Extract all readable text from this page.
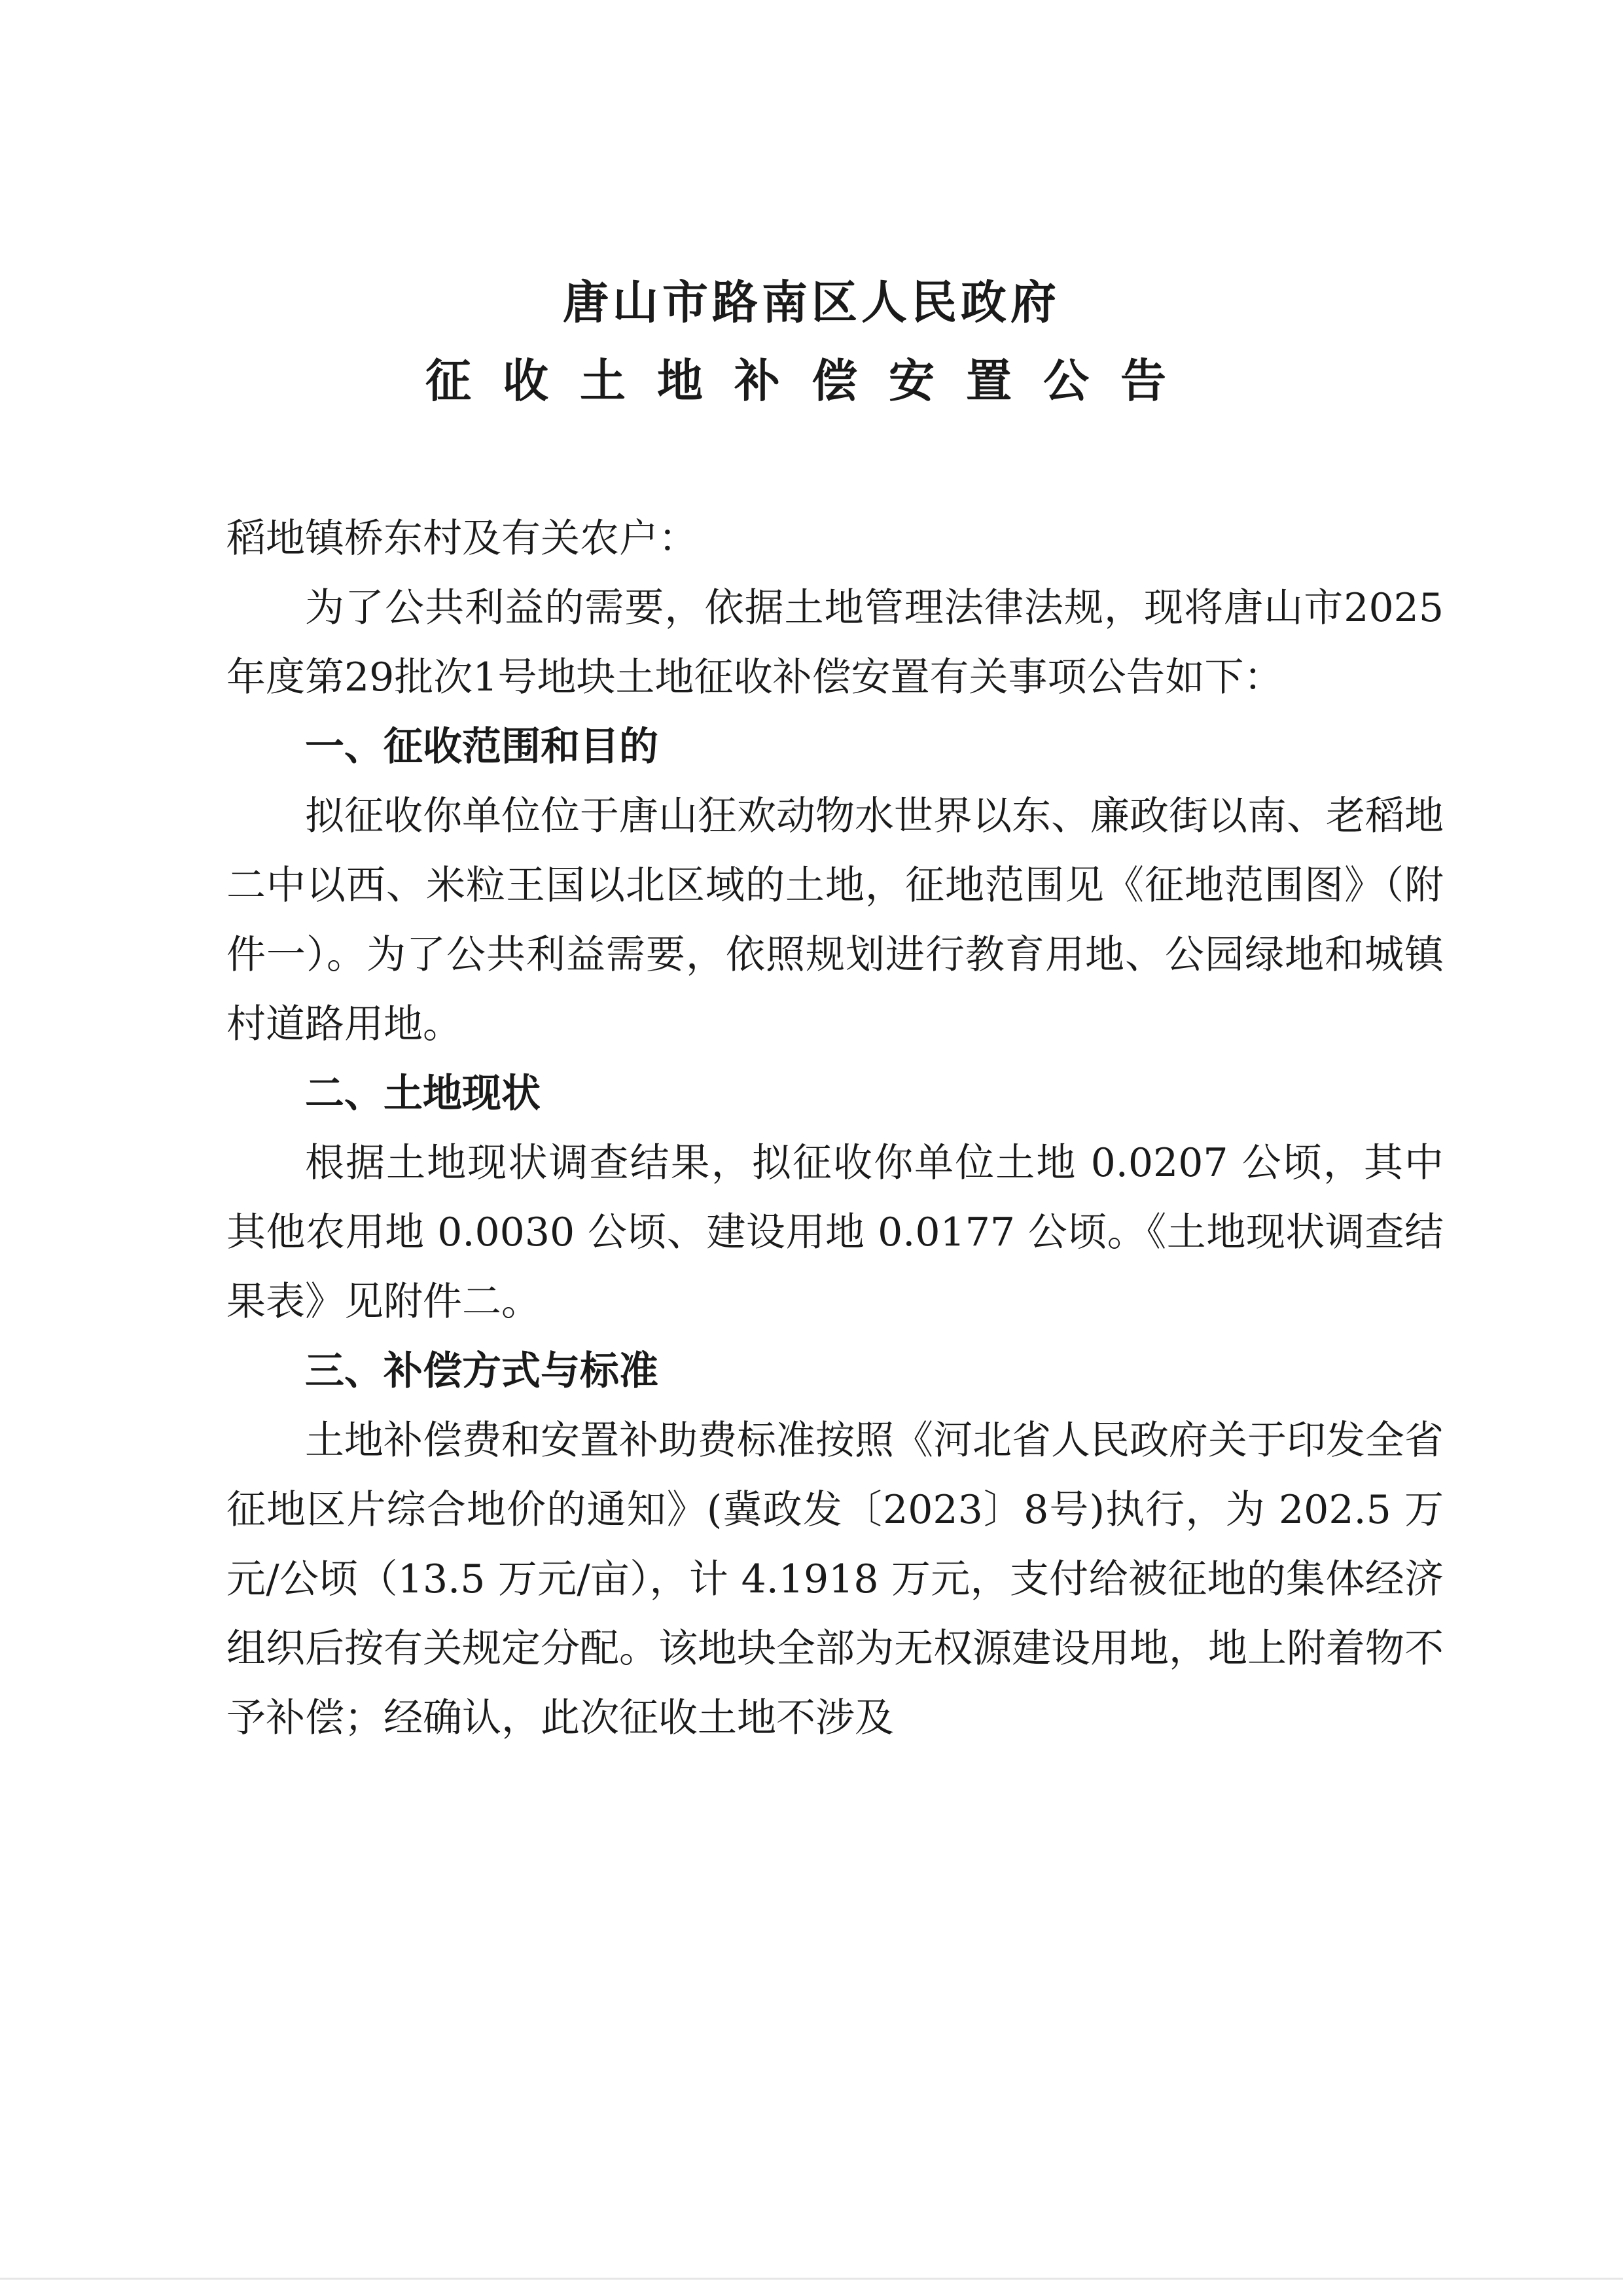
唐山市路南区人民政府
征收土地补偿安置公告

稻地镇桥东村及有关农户：

为了公共利益的需要，依据土地管理法律法规，现将唐山市2025年度第29批次1号地块土地征收补偿安置有关事项公告如下：

一、征收范围和目的

拟征收你单位位于唐山狂欢动物水世界以东、廉政街以南、老稻地二中以西、米粒王国以北区域的土地，征地范围见《征地范围图》（附件一）。为了公共利益需要，依照规划进行教育用地、公园绿地和城镇村道路用地。

二、土地现状

根据土地现状调查结果，拟征收你单位土地 0.0207 公顷，其中其他农用地 0.0030 公顷、建设用地 0.0177 公顷。《土地现状调查结果表》见附件二。

三、补偿方式与标准

土地补偿费和安置补助费标准按照《河北省人民政府关于印发全省征地区片综合地价的通知》(冀政发〔2023〕8号)执行，为 202.5 万元/公顷（13.5 万元/亩），计 4.1918 万元，支付给被征地的集体经济组织后按有关规定分配。该地块全部为无权源建设用地，地上附着物不予补偿；经确认，此次征收土地不涉及
